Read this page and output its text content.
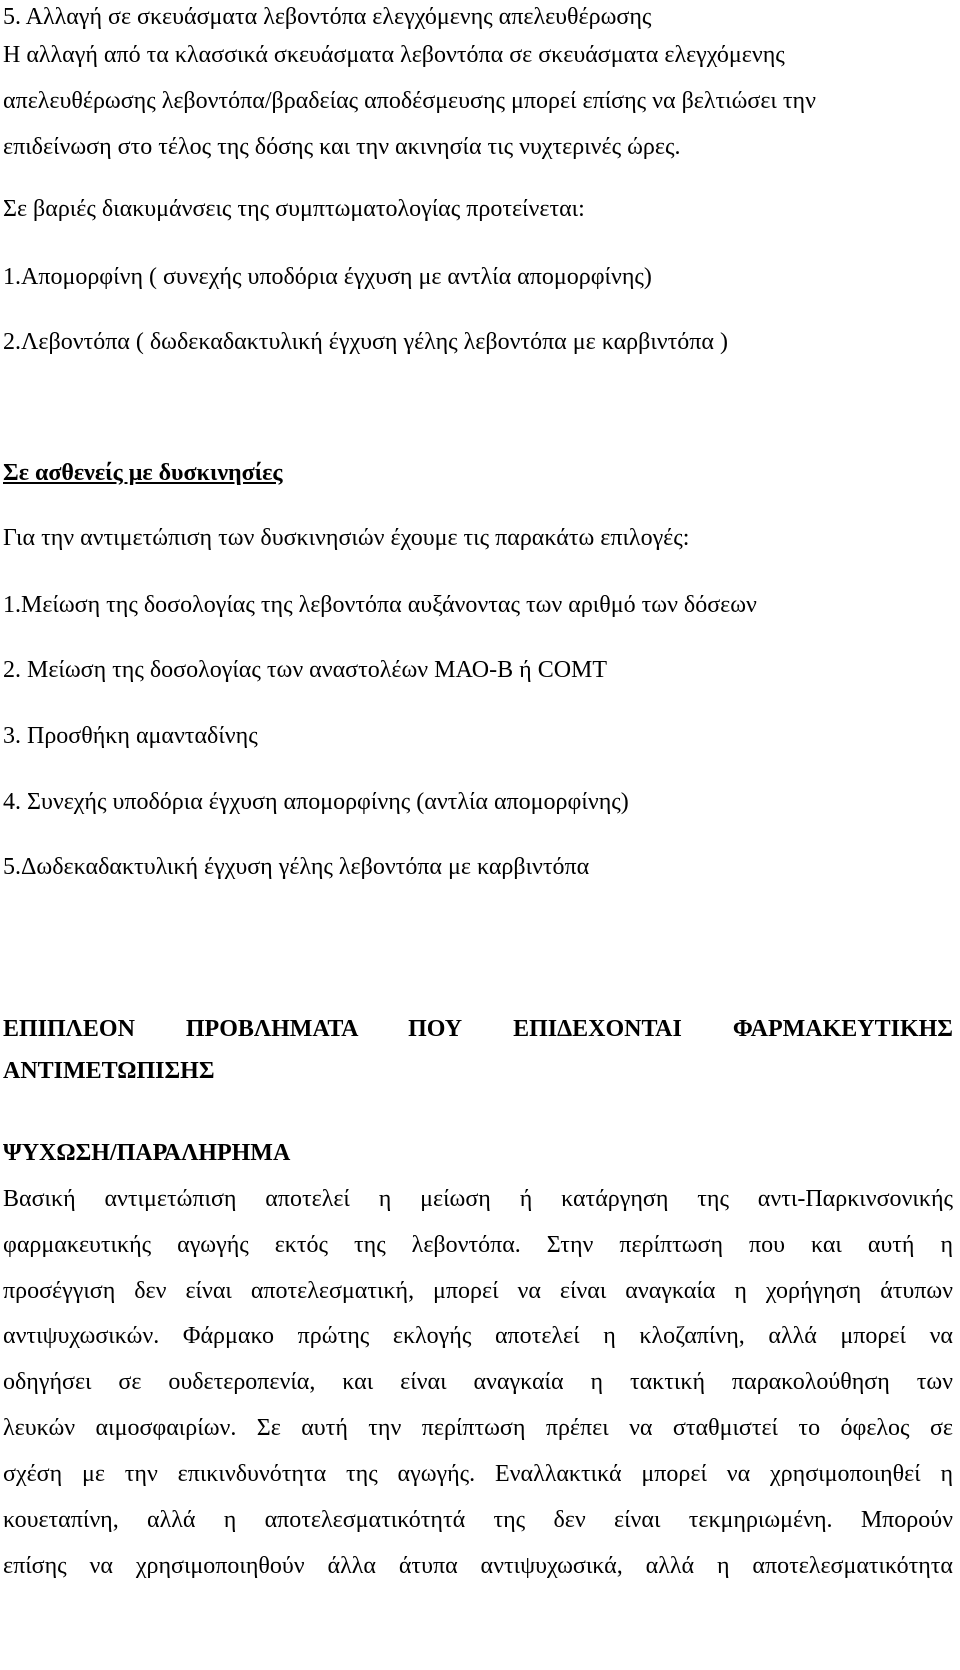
5. Αλλαγή σε σκευάσματα λεβοντόπα ελεγχόμενης απελευθέρωσης
Η αλλαγή από τα κλασσικά σκευάσματα λεβοντόπα σε σκευάσματα ελεγχόμενης
απελευθέρωσης λεβοντόπα/βραδείας αποδέσμευσης μπορεί επίσης να βελτιώσει την
επιδείνωση στο τέλος της δόσης και την ακινησία τις νυχτερινές ώρες.
Σε βαριές διακυμάνσεις της συμπτωματολογίας προτείνεται:
1.Απομορφίνη ( συνεχής υποδόρια έγχυση με αντλία απομορφίνης)
2.Λεβοντόπα ( δωδεκαδακτυλική έγχυση γέλης λεβοντόπα με καρβιντόπα )
Σε ασθενείς με δυσκινησίες
Για την αντιμετώπιση των δυσκινησιών έχουμε τις παρακάτω επιλογές:
1.Μείωση της δοσολογίας της λεβοντόπα αυξάνοντας των αριθμό των δόσεων
2. Μείωση της δοσολογίας των αναστολέων ΜΑΟ-Β ή COMT
3. Προσθήκη αμανταδίνης
4. Συνεχής υποδόρια έγχυση απομορφίνης (αντλία απομορφίνης)
5.Δωδεκαδακτυλική έγχυση γέλης λεβοντόπα με καρβιντόπα
ΕΠΙΠΛΕΟΝ ΠΡΟΒΛΗΜΑΤΑ ΠΟΥ ΕΠΙΔΕΧΟΝΤΑΙ ΦΑΡΜΑΚΕΥΤΙΚΗΣ
ΑΝΤΙΜΕΤΩΠΙΣΗΣ
ΨΥΧΩΣΗ/ΠΑΡΑΛΗΡΗΜΑ
Βασική αντιμετώπιση αποτελεί η μείωση ή κατάργηση της αντι-Παρκινσονικής
φαρμακευτικής αγωγής εκτός της λεβοντόπα. Στην περίπτωση που και αυτή η
προσέγγιση δεν είναι αποτελεσματική, μπορεί να είναι αναγκαία η χορήγηση άτυπων
αντιψυχωσικών. Φάρμακο πρώτης εκλογής αποτελεί η κλοζαπίνη, αλλά μπορεί να
οδηγήσει σε ουδετεροπενία, και είναι αναγκαία η τακτική παρακολούθηση των
λευκών αιμοσφαιρίων. Σε αυτή την περίπτωση πρέπει να σταθμιστεί το όφελος σε
σχέση με την επικινδυνότητα της αγωγής. Εναλλακτικά μπορεί να χρησιμοποιηθεί η
κουεταπίνη, αλλά η αποτελεσματικότητά της δεν είναι τεκμηριωμένη. Μπορούν
επίσης να χρησιμοποιηθούν άλλα άτυπα αντιψυχωσικά, αλλά η αποτελεσματικότητα
